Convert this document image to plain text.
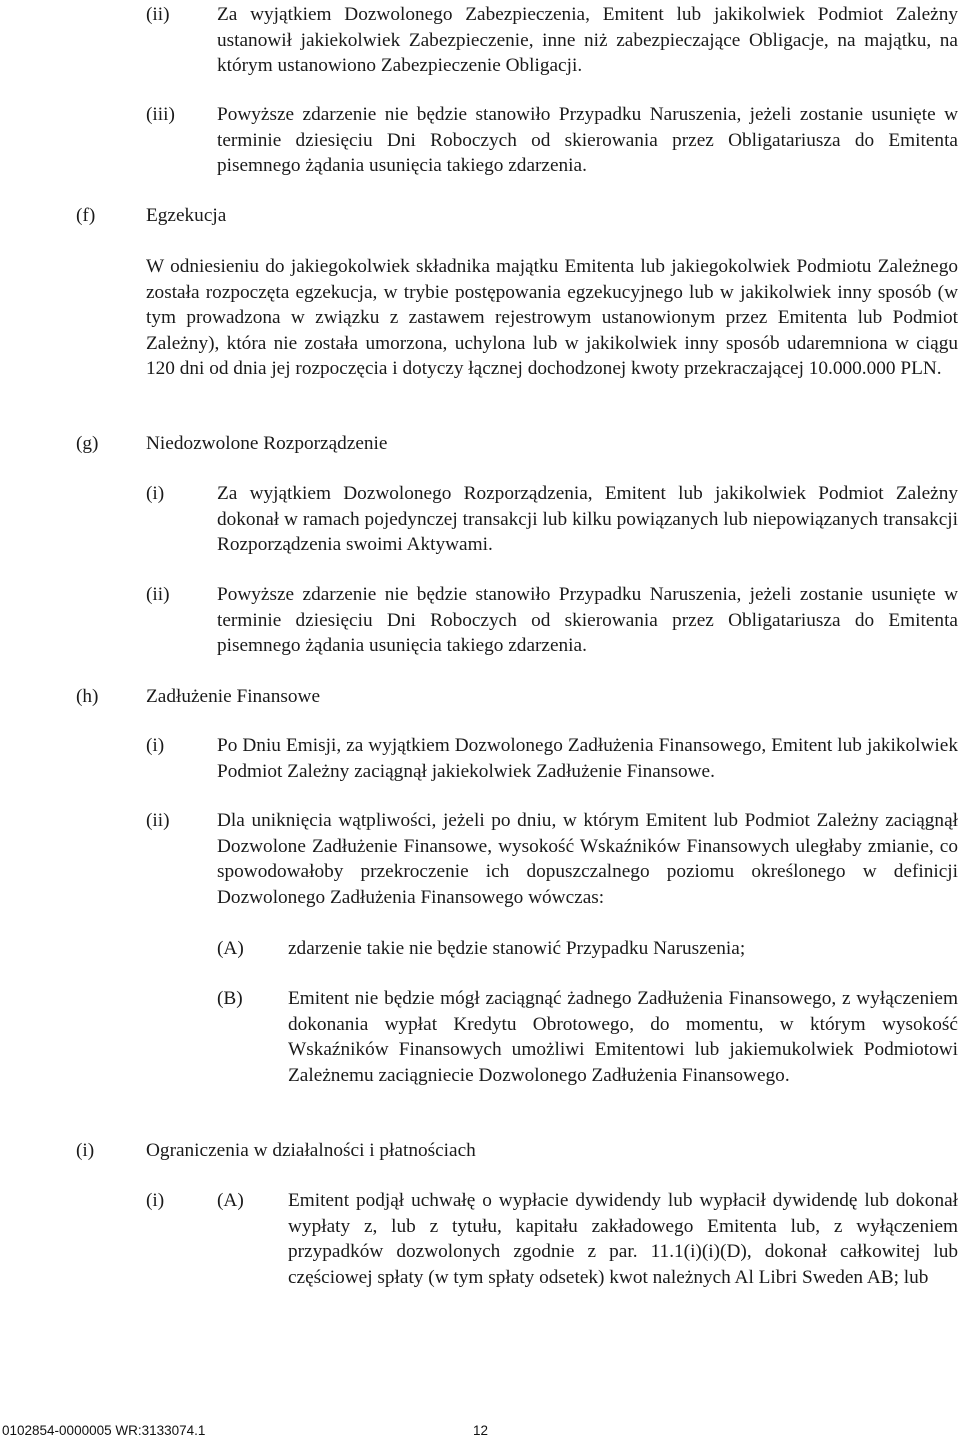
(ii) Za wyjątkiem Dozwolonego Zabezpieczenia, Emitent lub jakikolwiek Podmiot Zależny ustanowił jakiekolwiek Zabezpieczenie, inne niż zabezpieczające Obligacje, na majątku, na którym ustanowiono Zabezpieczenie Obligacji.

(iii) Powyższe zdarzenie nie będzie stanowiło Przypadku Naruszenia, jeżeli zostanie usunięte w terminie dziesięciu Dni Roboczych od skierowania przez Obligatariusza do Emitenta pisemnego żądania usunięcia takiego zdarzenia.

(f)	Egzekucja

W odniesieniu do jakiegokolwiek składnika majątku Emitenta lub jakiegokolwiek Podmiotu Zależnego została rozpoczęta egzekucja, w trybie postępowania egzekucyjnego lub w jakikolwiek inny sposób (w tym prowadzona w związku z zastawem rejestrowym ustanowionym przez Emitenta lub Podmiot Zależny), która nie została umorzona, uchylona lub w jakikolwiek inny sposób udaremniona w ciągu 120 dni od dnia jej rozpoczęcia i dotyczy łącznej dochodzonej kwoty przekraczającej 10.000.000 PLN.

(g) Niedozwolone Rozporządzenie
(i)	Za wyjątkiem Dozwolonego Rozporządzenia, Emitent lub jakikolwiek Podmiot Zależny dokonał w ramach pojedynczej transakcji lub kilku powiązanych lub niepowiązanych transakcji Rozporządzenia swoimi Aktywami.

(ii) Powyższe zdarzenie nie będzie stanowiło Przypadku Naruszenia, jeżeli zostanie usunięte w terminie dziesięciu Dni Roboczych od skierowania przez Obligatariusza do Emitenta pisemnego żądania usunięcia takiego zdarzenia.

(h) Zadłużenie Finansowe
(i)	Po Dniu Emisji, za wyjątkiem Dozwolonego Zadłużenia Finansowego, Emitent lub jakikolwiek Podmiot Zależny zaciągnął jakiekolwiek Zadłużenie Finansowe.

(ii) Dla uniknięcia wątpliwości, jeżeli po dniu, w którym Emitent lub Podmiot Zależny zaciągnął Dozwolone Zadłużenie Finansowe, wysokość Wskaźników Finansowych uległaby zmianie, co spowodowałoby przekroczenie ich dopuszczalnego poziomu określonego w definicji Dozwolonego Zadłużenia Finansowego wówczas:

(A) zdarzenie takie nie będzie stanowić Przypadku Naruszenia;

(B) Emitent nie będzie mógł zaciągnąć żadnego Zadłużenia Finansowego, z wyłączeniem dokonania wypłat Kredytu Obrotowego, do momentu, w którym wysokość Wskaźników Finansowych umożliwi Emitentowi lub jakiemukolwiek Podmiotowi Zależnemu zaciągniecie Dozwolonego Zadłużenia Finansowego.

(i)	Ograniczenia w działalności i płatnościach
(i)	(A) Emitent podjął uchwałę o wypłacie dywidendy lub wypłacił dywidendę lub dokonał wypłaty z, lub z tytułu, kapitału zakładowego Emitenta lub, z wyłączeniem przypadków dozwolonych zgodnie z par. 11.1(i)(i)(D), dokonał całkowitej lub częściowej spłaty (w tym spłaty odsetek) kwot należnych Al Libri Sweden AB; lub

0102854-0000005 WR:3133074.1	12
